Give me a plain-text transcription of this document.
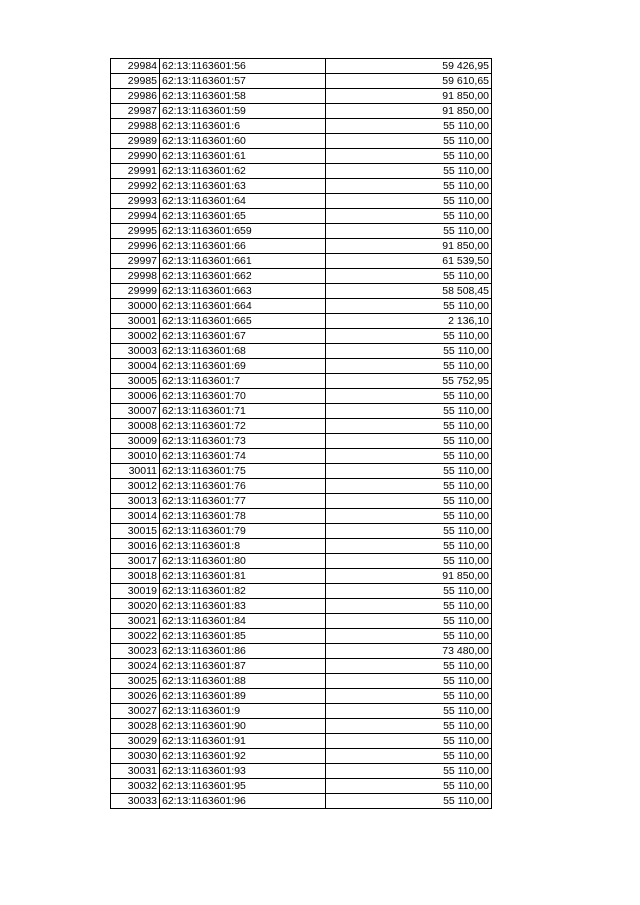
29984	62:13:1163601:56	59 426,95
29985	62:13:1163601:57	59 610,65
29986	62:13:1163601:58	91 850,00
29987	62:13:1163601:59	91 850,00
29988	62:13:1163601:6	55 110,00
29989	62:13:1163601:60	55 110,00
29990	62:13:1163601:61	55 110,00
29991	62:13:1163601:62	55 110,00
29992	62:13:1163601:63	55 110,00
29993	62:13:1163601:64	55 110,00
29994	62:13:1163601:65	55 110,00
29995	62:13:1163601:659	55 110,00
29996	62:13:1163601:66	91 850,00
29997	62:13:1163601:661	61 539,50
29998	62:13:1163601:662	55 110,00
29999	62:13:1163601:663	58 508,45
30000	62:13:1163601:664	55 110,00
30001	62:13:1163601:665	2 136,10
30002	62:13:1163601:67	55 110,00
30003	62:13:1163601:68	55 110,00
30004	62:13:1163601:69	55 110,00
30005	62:13:1163601:7	55 752,95
30006	62:13:1163601:70	55 110,00
30007	62:13:1163601:71	55 110,00
30008	62:13:1163601:72	55 110,00
30009	62:13:1163601:73	55 110,00
30010	62:13:1163601:74	55 110,00
30011	62:13:1163601:75	55 110,00
30012	62:13:1163601:76	55 110,00
30013	62:13:1163601:77	55 110,00
30014	62:13:1163601:78	55 110,00
30015	62:13:1163601:79	55 110,00
30016	62:13:1163601:8	55 110,00
30017	62:13:1163601:80	55 110,00
30018	62:13:1163601:81	91 850,00
30019	62:13:1163601:82	55 110,00
30020	62:13:1163601:83	55 110,00
30021	62:13:1163601:84	55 110,00
30022	62:13:1163601:85	55 110,00
30023	62:13:1163601:86	73 480,00
30024	62:13:1163601:87	55 110,00
30025	62:13:1163601:88	55 110,00
30026	62:13:1163601:89	55 110,00
30027	62:13:1163601:9	55 110,00
30028	62:13:1163601:90	55 110,00
30029	62:13:1163601:91	55 110,00
30030	62:13:1163601:92	55 110,00
30031	62:13:1163601:93	55 110,00
30032	62:13:1163601:95	55 110,00
30033	62:13:1163601:96	55 110,00
